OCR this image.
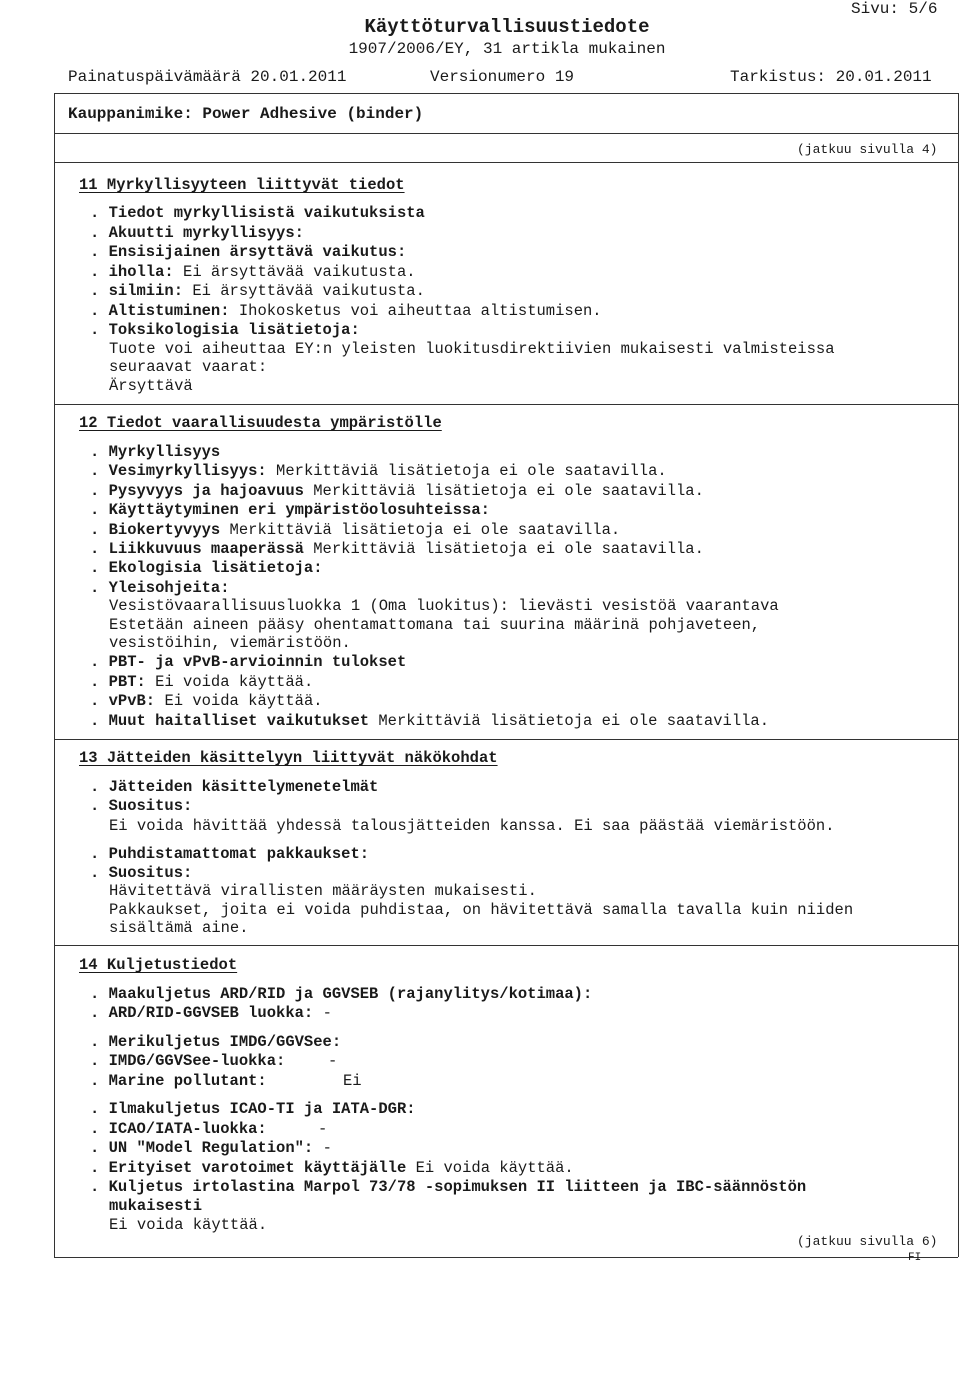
Käyttöturvallisuustiedote
1907/2006/EY, 31 artikla mukainen
Sivu: 5/6
Painatuspäivämäärä 20.01.2011	Versionumero 19	Tarkistus: 20.01.2011
Kauppanimike: Power Adhesive (binder)
(jatkuu sivulla 4)
11 Myrkyllisyyteen liittyvät tiedot
. Tiedot myrkyllisistä vaikutuksista
. Akuutti myrkyllisyys:
. Ensisijainen ärsyttävä vaikutus:
. iholla: Ei ärsyttävää vaikutusta.
. silmiin: Ei ärsyttävää vaikutusta.
. Altistuminen: Ihokosketus voi aiheuttaa altistumisen.
. Toksikologisia lisätietoja:
Tuote voi aiheuttaa EY:n yleisten luokitusdirektiivien mukaisesti valmisteissa
seuraavat vaarat:
Ärsyttävä
12 Tiedot vaarallisuudesta ympäristölle
. Myrkyllisyys
. Vesimyrkyllisyys: Merkittäviä lisätietoja ei ole saatavilla.
. Pysyvyys ja hajoavuus Merkittäviä lisätietoja ei ole saatavilla.
. Käyttäytyminen eri ympäristöolosuhteissa:
. Biokertyvyys Merkittäviä lisätietoja ei ole saatavilla.
. Liikkuvuus maaperässä Merkittäviä lisätietoja ei ole saatavilla.
. Ekologisia lisätietoja:
. Yleisohjeita:
Vesistövaarallisuusluokka 1 (Oma luokitus): lievästi vesistöä vaarantava
Estetään aineen pääsy ohentamattomana tai suurina määrinä pohjaveteen,
vesistöihin, viemäristöön.
. PBT- ja vPvB-arvioinnin tulokset
. PBT: Ei voida käyttää.
. vPvB: Ei voida käyttää.
. Muut haitalliset vaikutukset Merkittäviä lisätietoja ei ole saatavilla.
13 Jätteiden käsittelyyn liittyvät näkökohdat
. Jätteiden käsittelymenetelmät
. Suositus:
Ei voida hävittää yhdessä talousjätteiden kanssa. Ei saa päästää viemäristöön.
. Puhdistamattomat pakkaukset:
. Suositus:
Hävitettävä virallisten määräysten mukaisesti.
Pakkaukset, joita ei voida puhdistaa, on hävitettävä samalla tavalla kuin niiden
sisältämä aine.
14 Kuljetustiedot
. Maakuljetus ARD/RID ja GGVSEB (rajanylitys/kotimaa):
. ARD/RID-GGVSEB luokka: -
. Merikuljetus IMDG/GGVSee:
. IMDG/GGVSee-luokka:	-
. Marine pollutant:	Ei
. Ilmakuljetus ICAO-TI ja IATA-DGR:
. ICAO/IATA-luokka:	-
. UN "Model Regulation": -
. Erityiset varotoimet käyttäjälle Ei voida käyttää.
. Kuljetus irtolastina Marpol 73/78 -sopimuksen II liitteen ja IBC-säännöstön
mukaisesti
Ei voida käyttää.
(jatkuu sivulla 6)
FI
